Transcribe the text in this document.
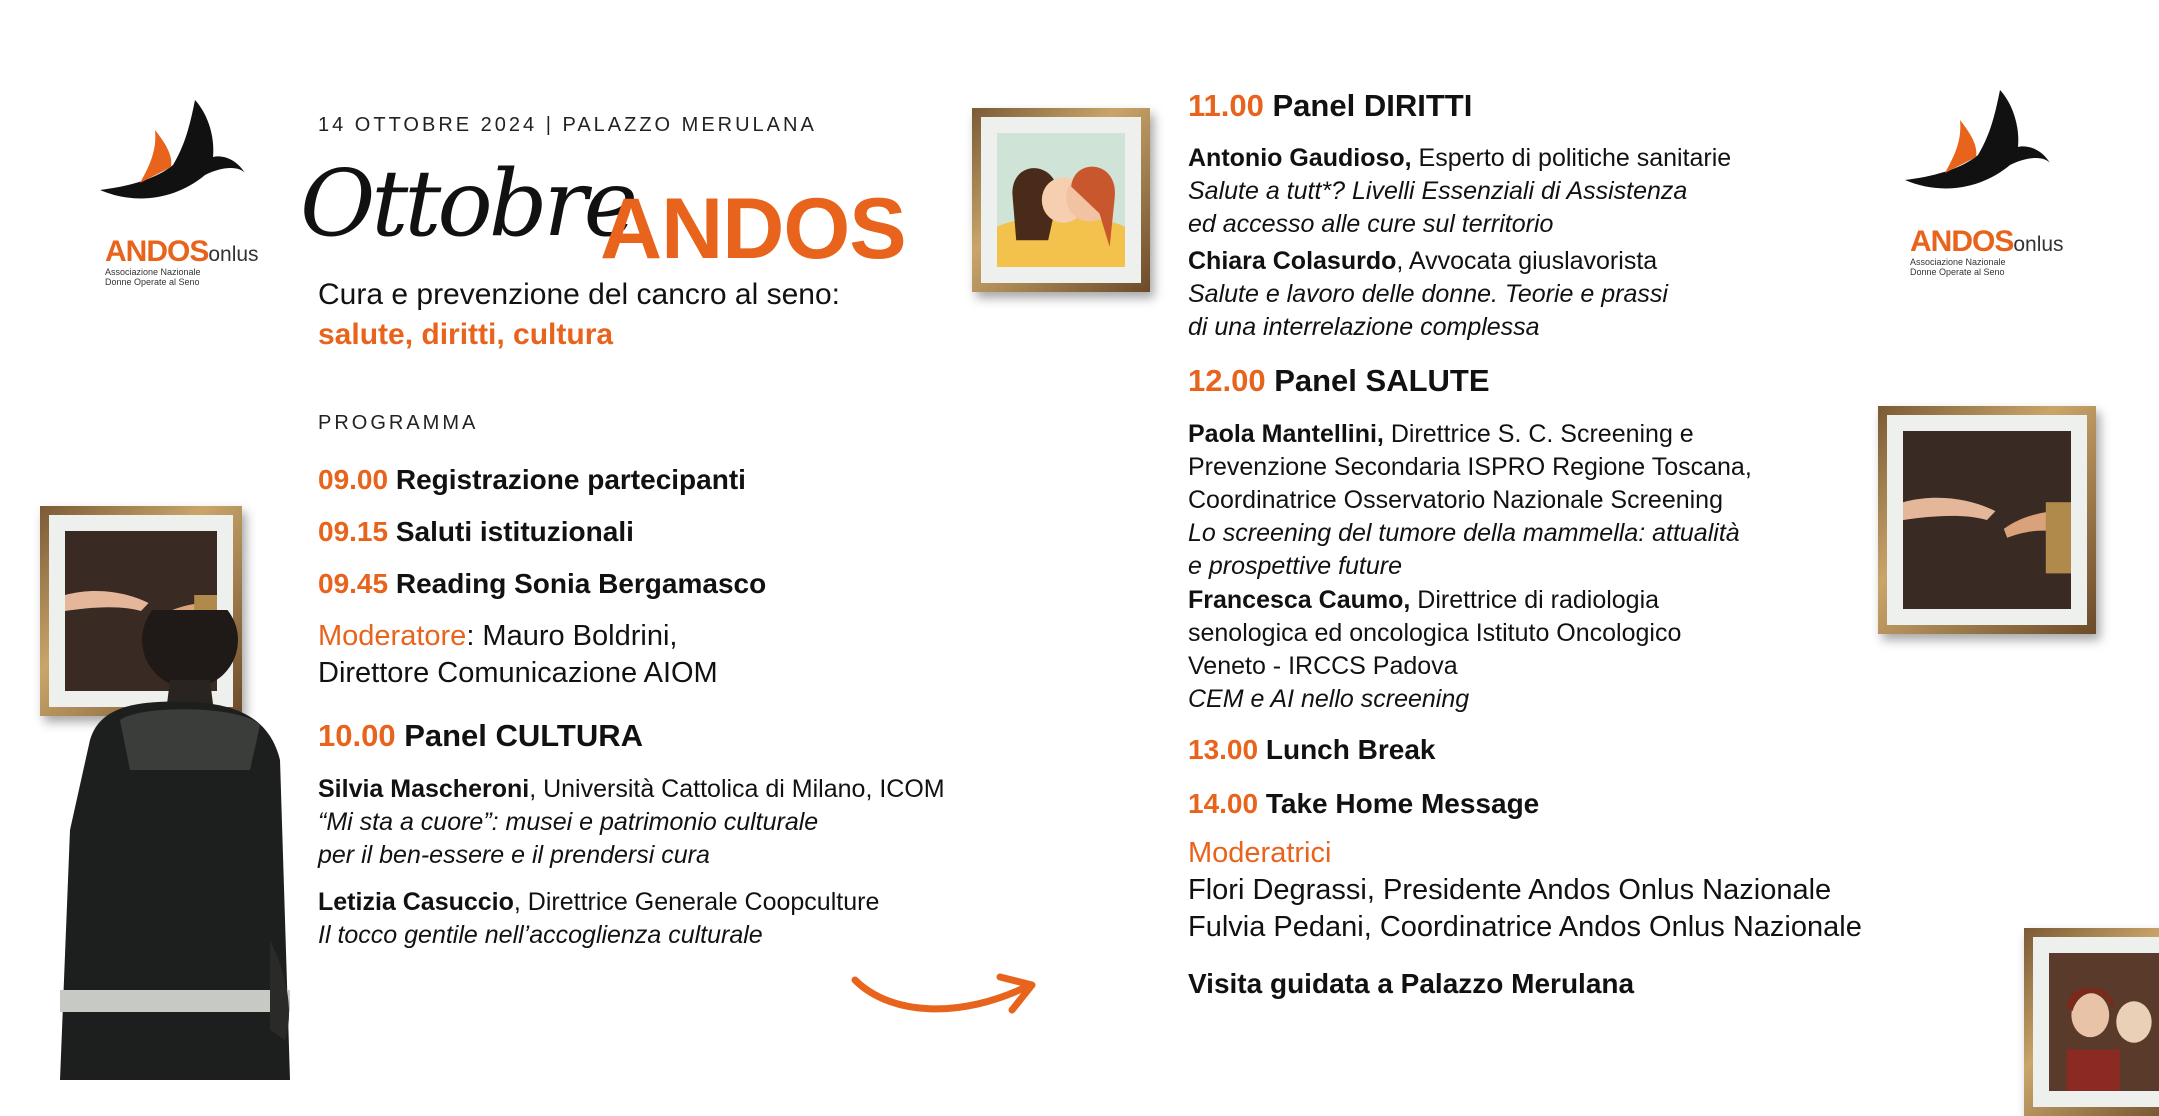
ANDOSonlus
Associazione Nazionale
Donne Operate al Seno
ANDOSonlus
Associazione Nazionale
Donne Operate al Seno
14 OTTOBRE 2024 | PALAZZO MERULANA
Ottobre
ANDOS
Cura e prevenzione del cancro al seno:
salute, diritti, cultura
PROGRAMMA
09.00 Registrazione partecipanti
09.15 Saluti istituzionali
09.45 Reading Sonia Bergamasco
Moderatore: Mauro Boldrini,
Direttore Comunicazione AIOM
10.00 Panel CULTURA
Silvia Mascheroni, Università Cattolica di Milano, ICOM
“Mi sta a cuore”: musei e patrimonio culturale
per il ben-essere e il prendersi cura
Letizia Casuccio, Direttrice Generale Coopculture
Il tocco gentile nell’accoglienza culturale
11.00 Panel DIRITTI
Antonio Gaudioso, Esperto di politiche sanitarie
Salute a tutt*? Livelli Essenziali di Assistenza
ed accesso alle cure sul territorio
Chiara Colasurdo, Avvocata giuslavorista
Salute e lavoro delle donne. Teorie e prassi
di una interrelazione complessa
12.00 Panel SALUTE
Paola Mantellini, Direttrice S. C. Screening e
Prevenzione Secondaria ISPRO Regione Toscana,
Coordinatrice Osservatorio Nazionale Screening
Lo screening del tumore della mammella: attualità
e prospettive future
Francesca Caumo, Direttrice di radiologia
senologica ed oncologica Istituto Oncologico
Veneto - IRCCS Padova
CEM e AI nello screening
13.00 Lunch Break
14.00 Take Home Message
Moderatrici
Flori Degrassi, Presidente Andos Onlus Nazionale
Fulvia Pedani, Coordinatrice Andos Onlus Nazionale
Visita guidata a Palazzo Merulana
